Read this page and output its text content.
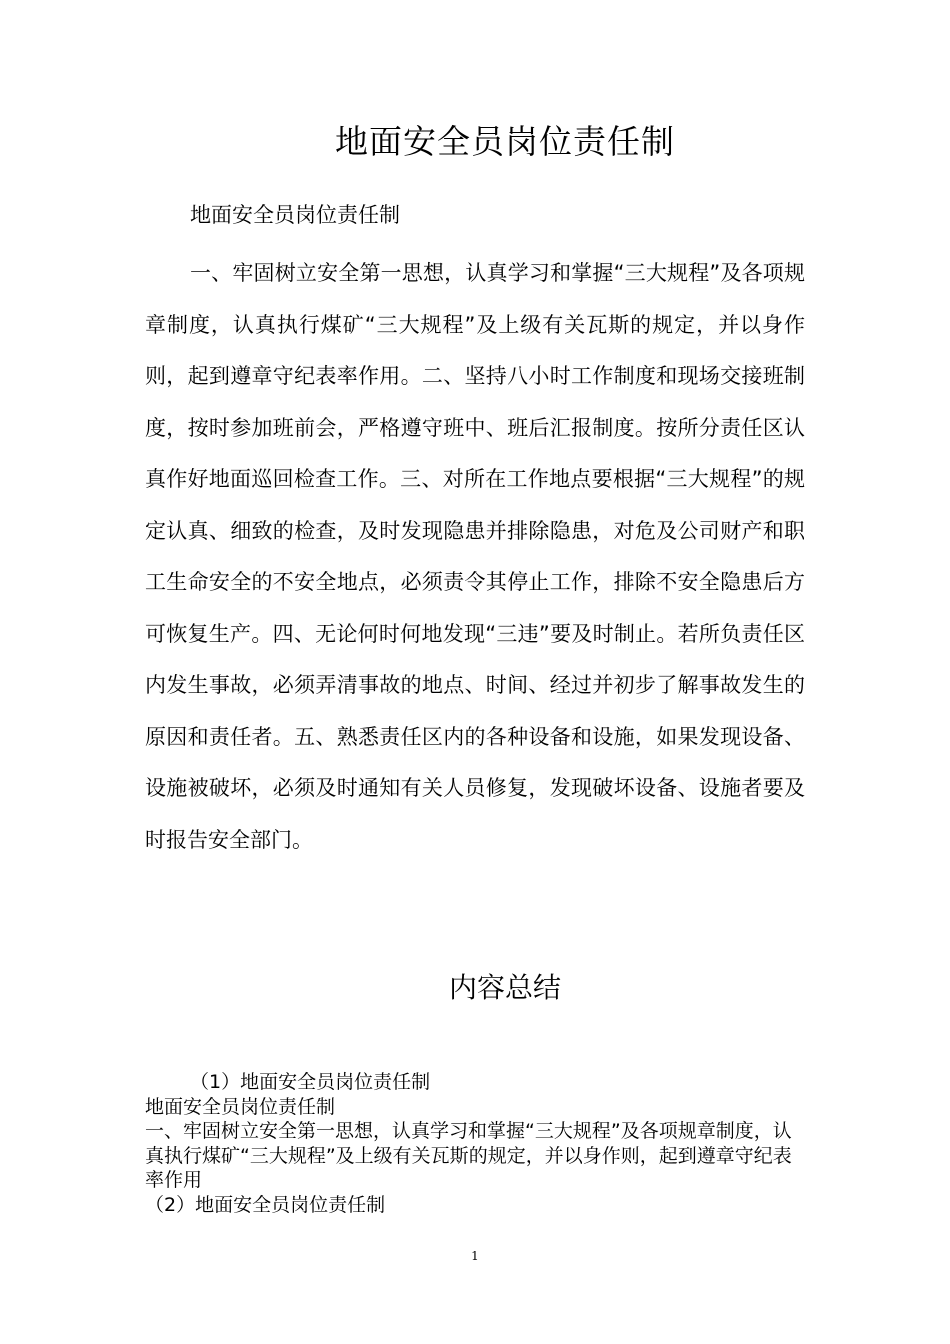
地面安全员岗位责任制
地面安全员岗位责任制

一、牢固树立安全第一思想，认真学习和掌握“三大规程”及各项规章制度，认真执行煤矿“三大规程”及上级有关瓦斯的规定，并以身作则，起到遵章守纪表率作用。二、坚持八小时工作制度和现场交接班制度，按时参加班前会，严格遵守班中、班后汇报制度。按所分责任区认真作好地面巡回检查工作。三、对所在工作地点要根据“三大规程”的规定认真、细致的检查，及时发现隐患并排除隐患，对危及公司财产和职工生命安全的不安全地点，必须责令其停止工作，排除不安全隐患后方可恢复生产。四、无论何时何地发现“三违”要及时制止。若所负责任区内发生事故，必须弄清事故的地点、时间、经过并初步了解事故发生的原因和责任者。五、熟悉责任区内的各种设备和设施，如果发现设备、设施被破坏，必须及时通知有关人员修复，发现破坏设备、设施者要及时报告安全部门。

内容总结
（1）地面安全员岗位责任制
地面安全员岗位责任制
一、牢固树立安全第一思想，认真学习和掌握“三大规程”及各项规章制度，认真执行煤矿“三大规程”及上级有关瓦斯的规定，并以身作则，起到遵章守纪表率作用
（2）地面安全员岗位责任制
1
